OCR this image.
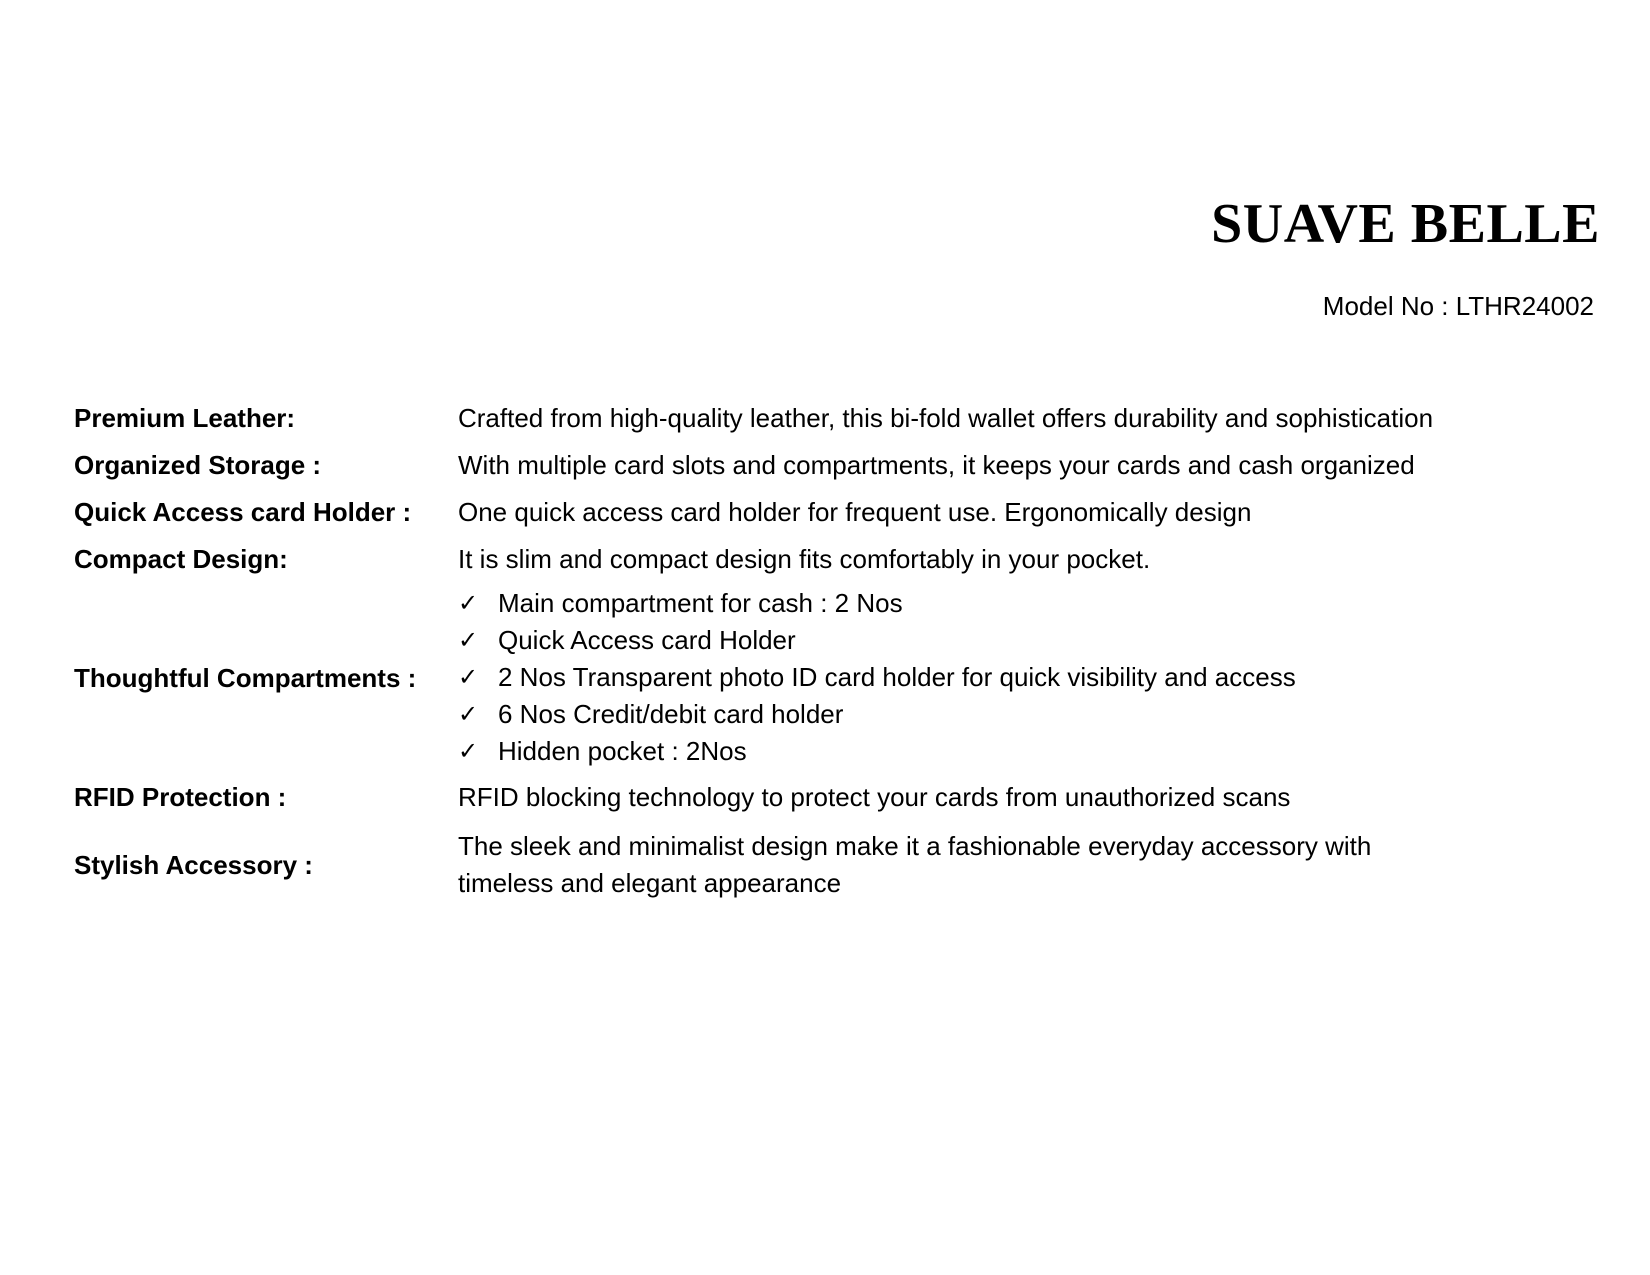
SUAVE BELLE
Model No : LTHR24002
Premium Leather:	Crafted from high-quality leather, this bi-fold wallet offers durability and sophistication
Organized Storage :	With multiple card slots and compartments, it keeps your cards and cash organized
Quick Access card Holder :	One quick access card holder for frequent use. Ergonomically design
Compact Design:	It is slim and compact design fits comfortably in your pocket.
Thoughtful Compartments :
✓ Main compartment for cash : 2 Nos
✓ Quick Access card Holder
✓ 2 Nos Transparent photo ID card holder for quick visibility and access
✓ 6 Nos Credit/debit card holder
✓ Hidden pocket : 2Nos
RFID Protection :	RFID blocking technology to protect your cards from unauthorized scans
Stylish Accessory :
The sleek and minimalist design make it a fashionable everyday accessory with
timeless and elegant appearance
